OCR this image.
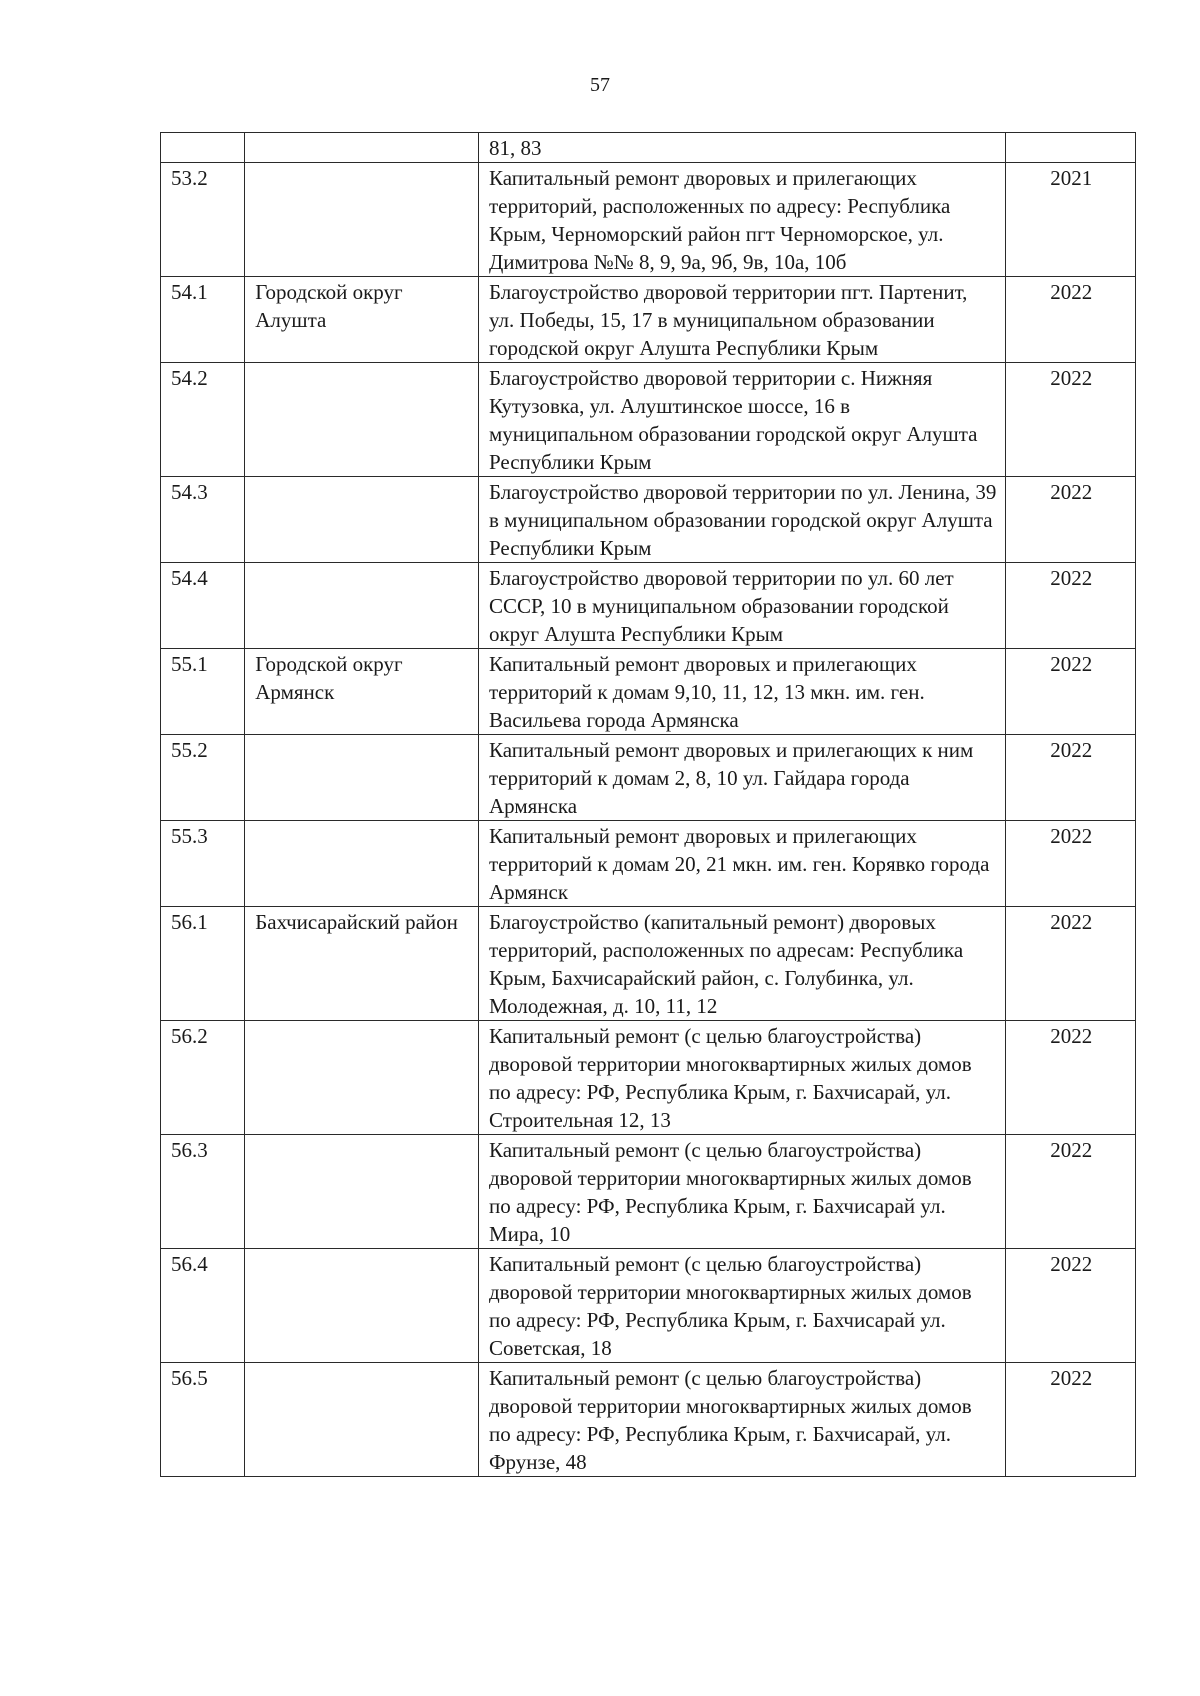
57
		81, 83	
53.2		Капитальный ремонт дворовых и прилегающих территорий, расположенных по адресу: Республика Крым, Черноморский район пгт Черноморское, ул. Димитрова №№ 8, 9, 9а, 9б, 9в, 10а, 10б	2021
54.1	Городской округ Алушта	Благоустройство дворовой территории пгт. Партенит, ул. Победы, 15, 17 в муниципальном образовании городской округ Алушта Республики Крым	2022
54.2		Благоустройство дворовой территории с. Нижняя Кутузовка, ул. Алуштинское шоссе, 16 в муниципальном образовании городской округ Алушта Республики Крым	2022
54.3		Благоустройство дворовой территории по ул. Ленина, 39 в муниципальном образовании городской округ Алушта Республики Крым	2022
54.4		Благоустройство дворовой территории по ул. 60 лет СССР, 10 в муниципальном образовании городской округ Алушта Республики Крым	2022
55.1	Городской округ Армянск	Капитальный ремонт дворовых и прилегающих территорий к домам 9,10, 11, 12, 13 мкн. им. ген. Васильева города Армянска	2022
55.2		Капитальный ремонт дворовых и прилегающих к ним территорий к домам 2, 8, 10 ул. Гайдара города Армянска	2022
55.3		Капитальный ремонт дворовых и прилегающих территорий к домам 20, 21 мкн. им. ген. Корявко города Армянск	2022
56.1	Бахчисарайский район	Благоустройство (капитальный ремонт) дворовых территорий, расположенных по адресам: Республика Крым, Бахчисарайский район, с. Голубинка, ул. Молодежная, д. 10, 11, 12	2022
56.2		Капитальный ремонт (с целью благоустройства) дворовой территории многоквартирных жилых домов по адресу: РФ, Республика Крым, г. Бахчисарай, ул. Строительная 12, 13	2022
56.3		Капитальный ремонт (с целью благоустройства) дворовой территории многоквартирных жилых домов по адресу: РФ, Республика Крым, г. Бахчисарай ул. Мира, 10	2022
56.4		Капитальный ремонт (с целью благоустройства) дворовой территории многоквартирных жилых домов по адресу: РФ, Республика Крым, г. Бахчисарай ул. Советская, 18	2022
56.5		Капитальный ремонт (с целью благоустройства) дворовой территории многоквартирных жилых домов по адресу: РФ, Республика Крым, г. Бахчисарай, ул. Фрунзе, 48	2022
